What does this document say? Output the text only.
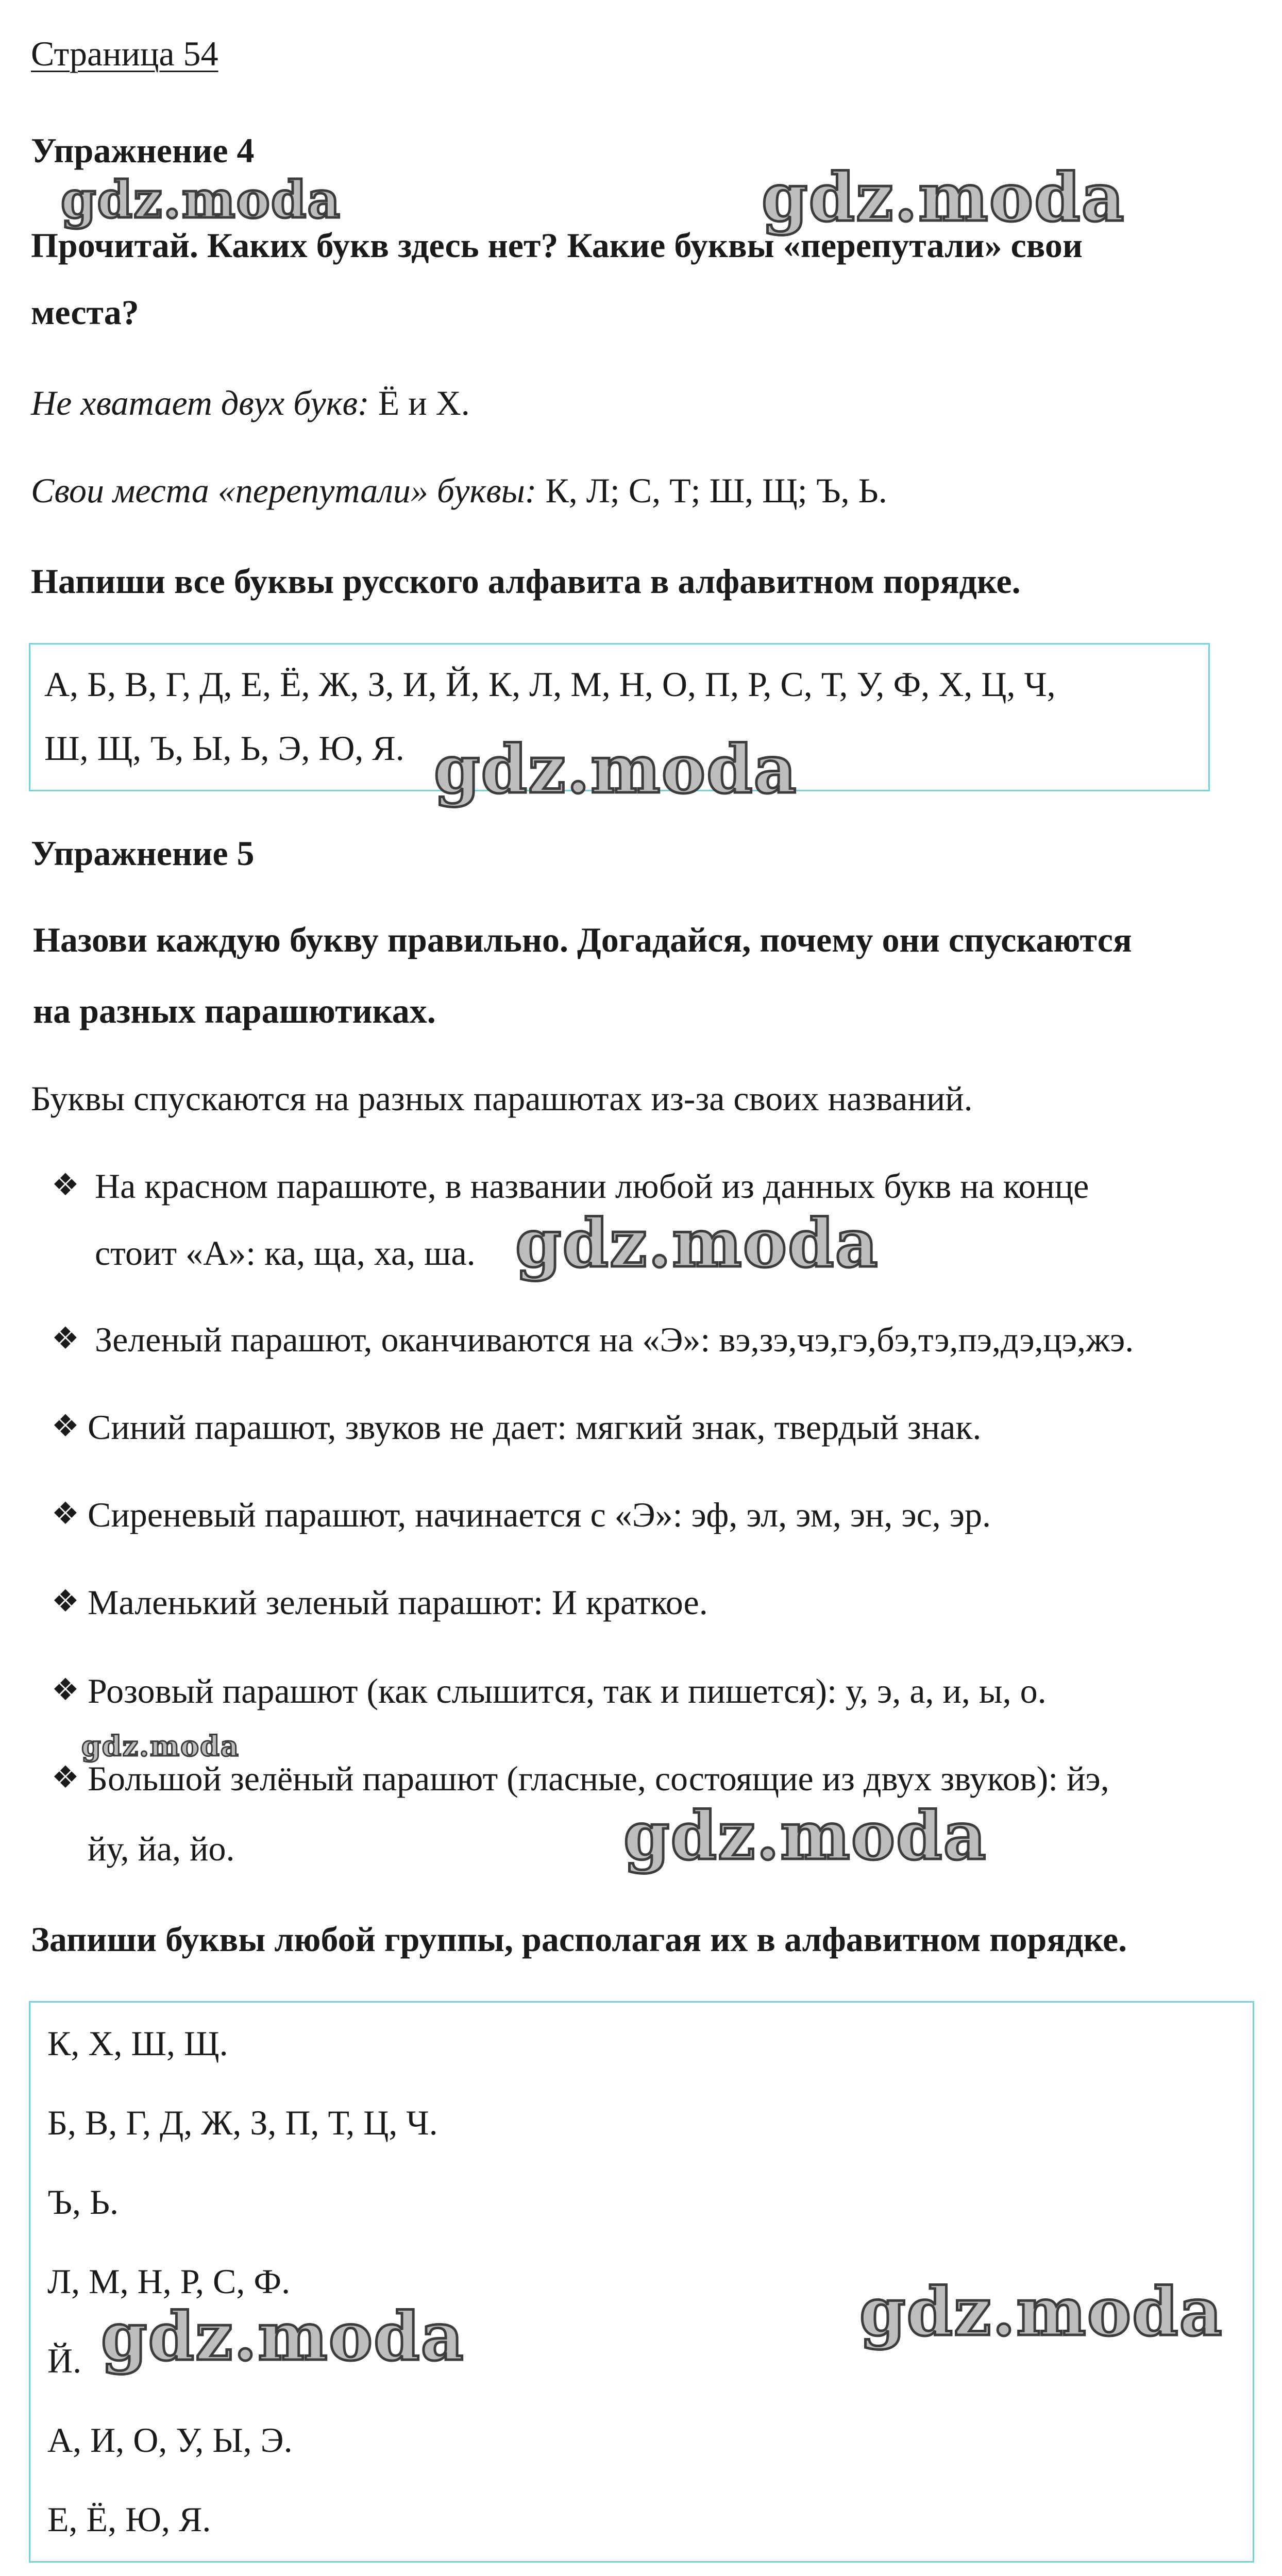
Страница 54
Упражнение 4
Прочитай. Каких букв здесь нет? Какие буквы «перепутали» свои
места?
Не хватает двух букв: Ё и Х.
Свои места «перепутали» буквы: К, Л; С, Т; Ш, Щ; Ъ, Ь.
Напиши все буквы русского алфавита в алфавитном порядке.
А, Б, В, Г, Д, Е, Ё, Ж, З, И, Й, К, Л, М, Н, О, П, Р, С, Т, У, Ф, Х, Ц, Ч,
Ш, Щ, Ъ, Ы, Ь, Э, Ю, Я.
Упражнение 5
Назови каждую букву правильно. Догадайся, почему они спускаются
на разных парашютиках.
Буквы спускаются на разных парашютах из-за своих названий.
❖ На красном парашюте, в названии любой из данных букв на конце
стоит «А»: ка, ща, ха, ша.
❖ Зеленый парашют, оканчиваются на «Э»: вэ,зэ,чэ,гэ,бэ,тэ,пэ,дэ,цэ,жэ.
❖ Синий парашют, звуков не дает: мягкий знак, твердый знак.
❖ Сиреневый парашют, начинается с «Э»: эф, эл, эм, эн, эс, эр.
❖ Маленький зеленый парашют: И краткое.
❖ Розовый парашют (как слышится, так и пишется): у, э, а, и, ы, о.
❖ Большой зелёный парашют (гласные, состоящие из двух звуков): йэ,
йу, йа, йо.
Запиши буквы любой группы, располагая их в алфавитном порядке.
К, Х, Ш, Щ.
Б, В, Г, Д, Ж, З, П, Т, Ц, Ч.
Ъ, Ь.
Л, М, Н, Р, С, Ф.
Й.
А, И, О, У, Ы, Э.
Е, Ё, Ю, Я.
gdz.moda	gdz.moda
gdz.moda
gdz.moda
gdz.moda
gdz.moda
gdz.moda	gdz.moda
